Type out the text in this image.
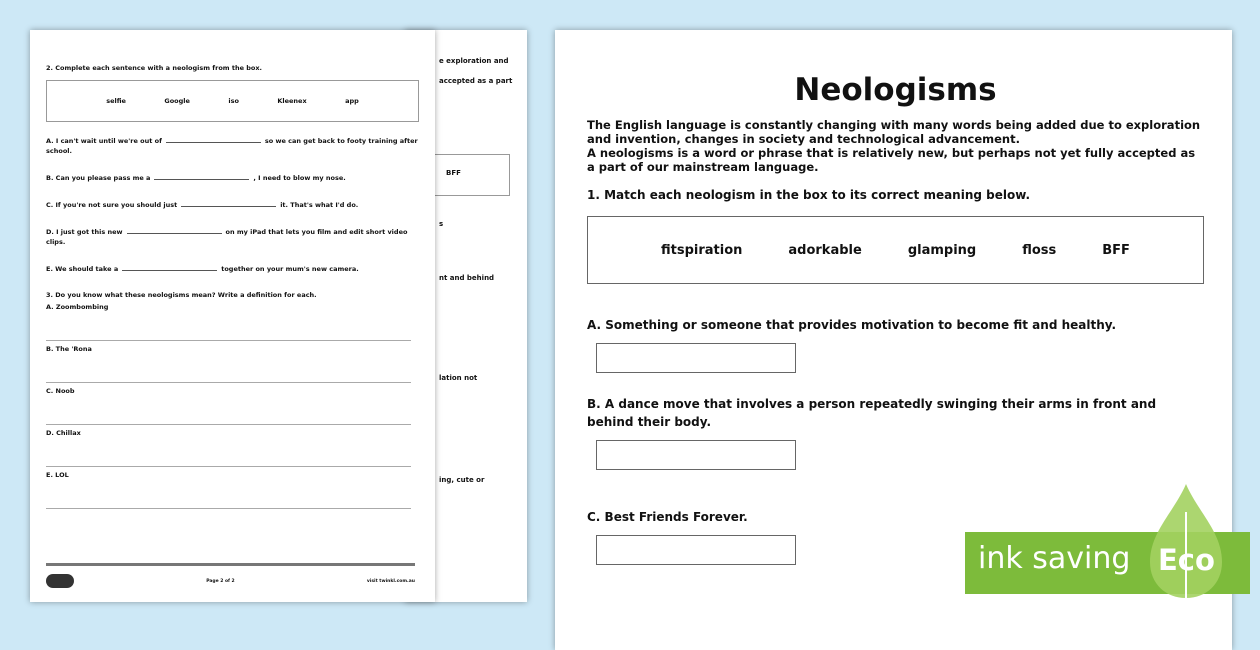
e exploration and
accepted as a part
BFF
s
nt and behind
lation not
ing, cute or
2. Complete each sentence with a neologism from the box.
selfie	Google	iso	Kleenex	app
A. I can't wait until we're out of	so we can get back to footy training after school.
B. Can you please pass me a	, I need to blow my nose.
C. If you're not sure you should just	it. That's what I'd do.
D. I just got this new	on my iPad that lets you film and edit short video clips.
E. We should take a	together on your mum's new camera.
3. Do you know what these neologisms mean? Write a definition for each.
A. Zoombombing
B. The 'Rona
C. Noob
D. Chillax
E. LOL
Page 2 of 2	visit twinkl.com.au
Neologisms
The English language is constantly changing with many words being added due to exploration and invention, changes in society and technological advancement.
A neologisms is a word or phrase that is relatively new, but perhaps not yet fully accepted as a part of our mainstream language.
1. Match each neologism in the box to its correct meaning below.
fitspiration	adorkable	glamping	floss	BFF
A. Something or someone that provides motivation to become fit and healthy.
B. A dance move that involves a person repeatedly swinging their arms in front and behind their body.
C. Best Friends Forever.
ink saving Eco
